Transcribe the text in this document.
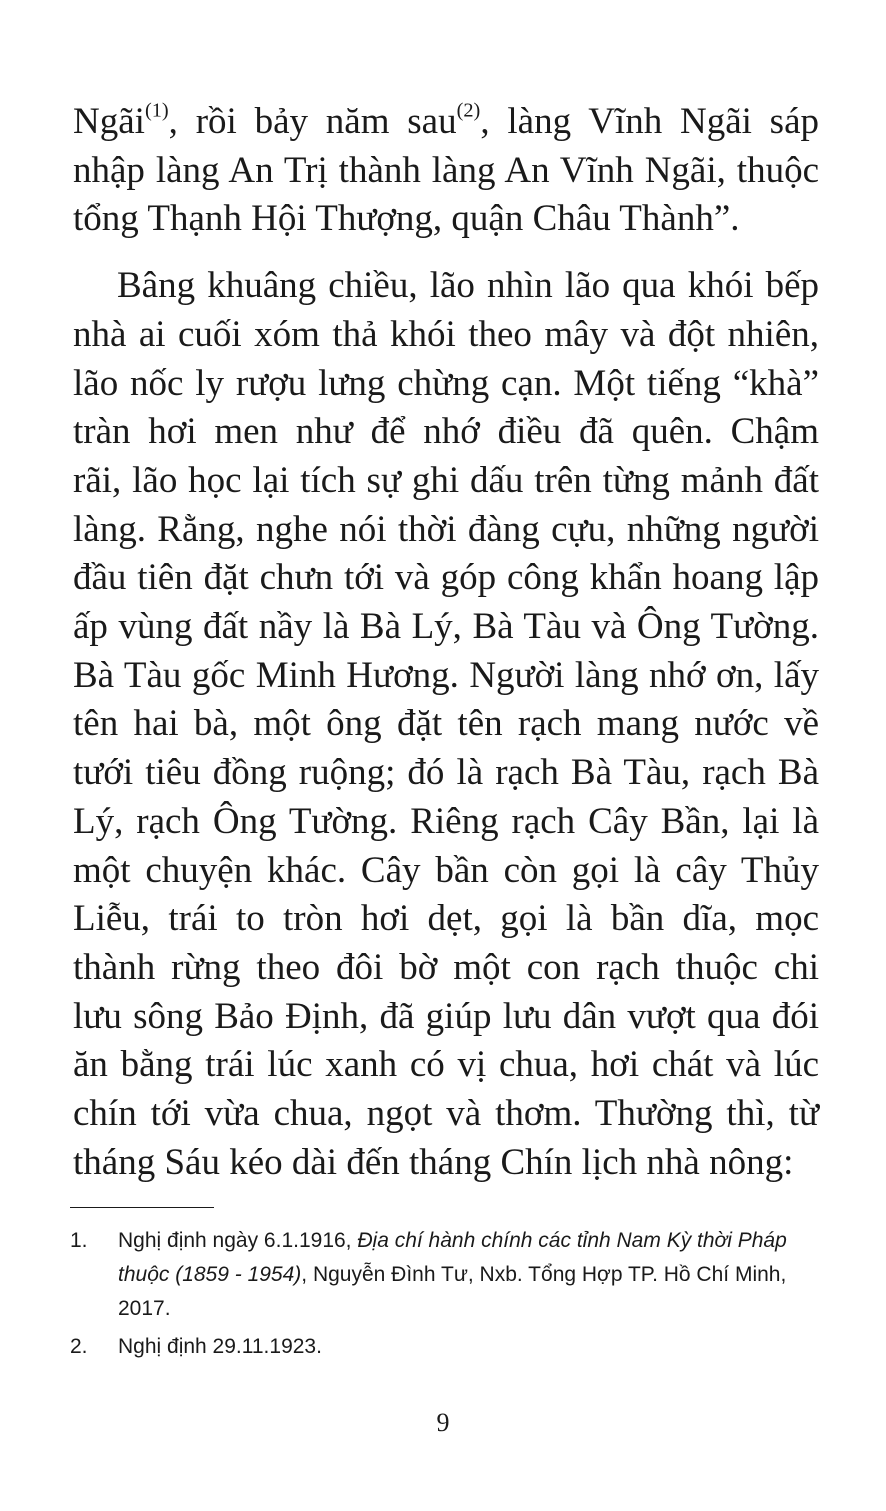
Ngãi$^{(1)}$, rồi bảy năm sau$^{(2)}$, làng Vĩnh Ngãi sáp
nhập làng An Trị thành làng An Vĩnh Ngãi, thuộc
tổng Thạnh Hội Thượng, quận Châu Thành”.
Bâng khuâng chiều, lão nhìn lão qua khói bếp
nhà ai cuối xóm thả khói theo mây và đột nhiên,
lão nốc ly rượu lưng chừng cạn. Một tiếng “khà”
tràn hơi men như để nhớ điều đã quên. Chậm
rãi, lão học lại tích sự ghi dấu trên từng mảnh đất
làng. Rằng, nghe nói thời đàng cựu, những người
đầu tiên đặt chưn tới và góp công khẩn hoang lập
ấp vùng đất nầy là Bà Lý, Bà Tàu và Ông Tường.
Bà Tàu gốc Minh Hương. Người làng nhớ ơn, lấy
tên hai bà, một ông đặt tên rạch mang nước về
tưới tiêu đồng ruộng; đó là rạch Bà Tàu, rạch Bà
Lý, rạch Ông Tường. Riêng rạch Cây Bần, lại là
một chuyện khác. Cây bần còn gọi là cây Thủy
Liễu, trái to tròn hơi dẹt, gọi là bần dĩa, mọc
thành rừng theo đôi bờ một con rạch thuộc chi
lưu sông Bảo Định, đã giúp lưu dân vượt qua đói
ăn bằng trái lúc xanh có vị chua, hơi chát và lúc
chín tới vừa chua, ngọt và thơm. Thường thì, từ
tháng Sáu kéo dài đến tháng Chín lịch nhà nông:
1.	Nghị định ngày 6.1.1916, Địa chí hành chính các tỉnh Nam Kỳ thời Pháp thuộc (1859 - 1954), Nguyễn Đình Tư, Nxb. Tổng Hợp TP. Hồ Chí Minh, 2017.
2.	Nghị định 29.11.1923.
9
